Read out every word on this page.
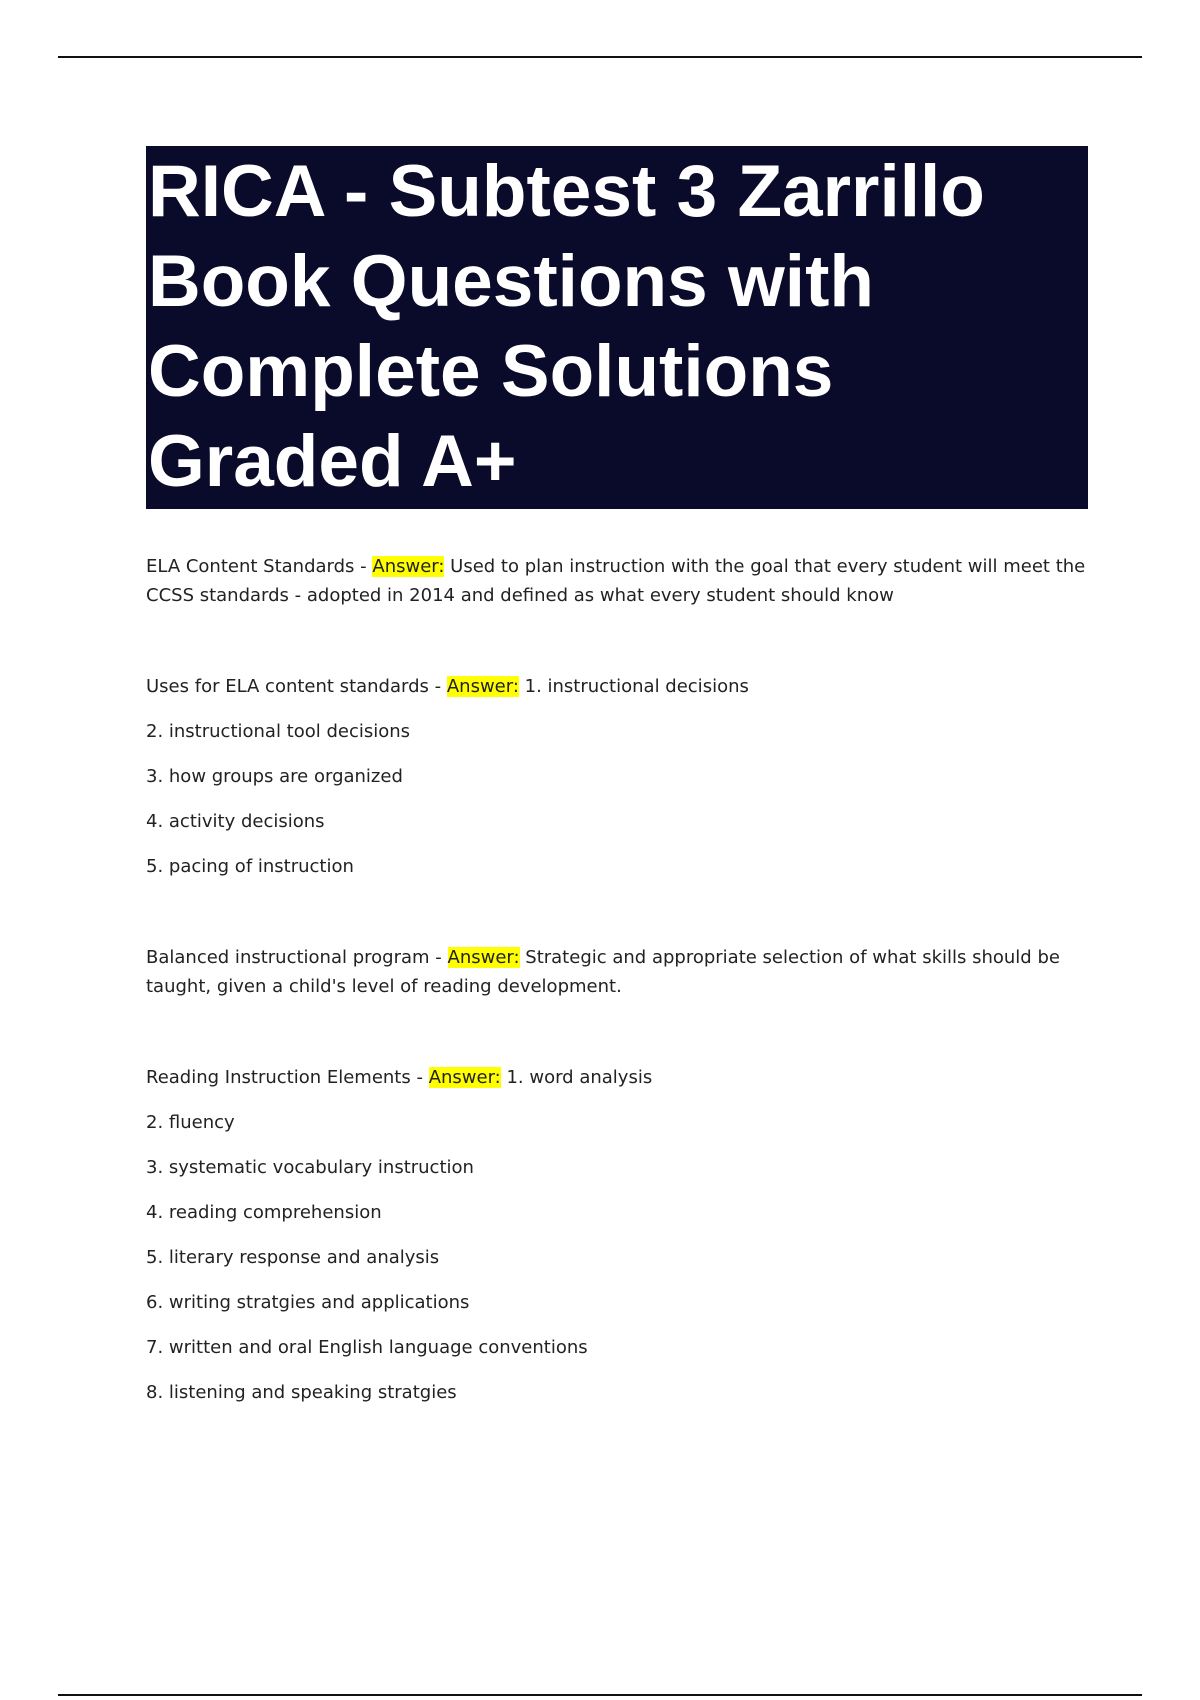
RICA - Subtest 3 Zarrillo Book Questions with Complete Solutions Graded A+

ELA Content Standards - Answer: Used to plan instruction with the goal that every student will meet the CCSS standards - adopted in 2014 and defined as what every student should know

Uses for ELA content standards - Answer: 1. instructional decisions

2. instructional tool decisions

3. how groups are organized

4. activity decisions

5. pacing of instruction

Balanced instructional program - Answer: Strategic and appropriate selection of what skills should be taught, given a child's level of reading development.

Reading Instruction Elements - Answer: 1. word analysis

2. fluency

3. systematic vocabulary instruction

4. reading comprehension

5. literary response and analysis

6. writing stratgies and applications

7. written and oral English language conventions

8. listening and speaking stratgies
